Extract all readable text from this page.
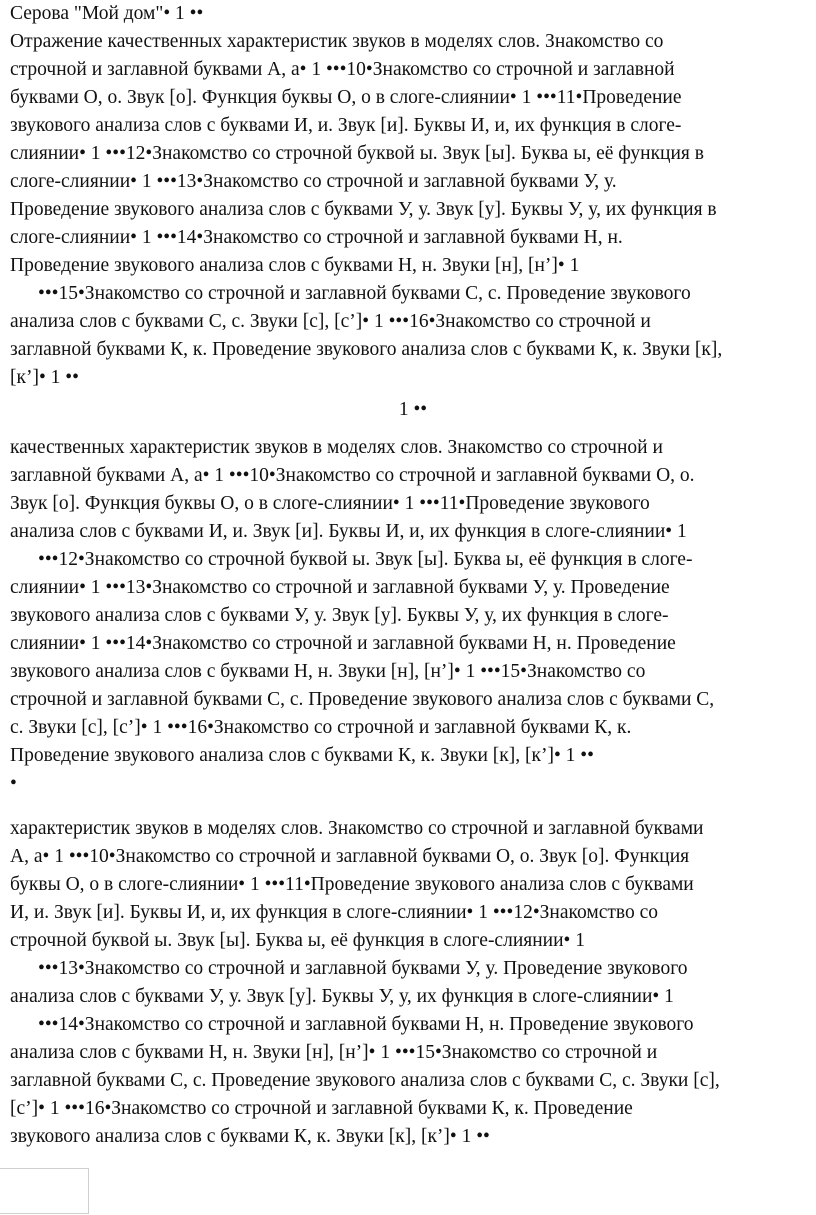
Серова "Мой дом"• 1 ••
Отражение качественных характеристик звуков в моделях слов. Знакомство со
строчной и заглавной буквами А, а• 1 •••10•Знакомство со строчной и заглавной
буквами О, о. Звук [о]. Функция буквы О, о в слоге-слиянии• 1 •••11•Проведение
звукового анализа слов с буквами И, и. Звук [и]. Буквы И, и, их функция в слоге-
слиянии• 1 •••12•Знакомство со строчной буквой ы. Звук [ы]. Буква ы, её функция в
слоге-слиянии• 1 •••13•Знакомство со строчной и заглавной буквами У, у.
Проведение звукового анализа слов с буквами У, у. Звук [у]. Буквы У, у, их функция в
слоге-слиянии• 1 •••14•Знакомство со строчной и заглавной буквами Н, н.
Проведение звукового анализа слов с буквами Н, н. Звуки [н], [н’]• 1
•••15•Знакомство со строчной и заглавной буквами С, с. Проведение звукового
анализа слов с буквами С, с. Звуки [с], [с’]• 1 •••16•Знакомство со строчной и
заглавной буквами К, к. Проведение звукового анализа слов с буквами К, к. Звуки [к],
[к’]• 1 ••
1 ••
качественных характеристик звуков в моделях слов. Знакомство со строчной и
заглавной буквами А, а• 1 •••10•Знакомство со строчной и заглавной буквами О, о.
Звук [о]. Функция буквы О, о в слоге-слиянии• 1 •••11•Проведение звукового
анализа слов с буквами И, и. Звук [и]. Буквы И, и, их функция в слоге-слиянии• 1
•••12•Знакомство со строчной буквой ы. Звук [ы]. Буква ы, её функция в слоге-
слиянии• 1 •••13•Знакомство со строчной и заглавной буквами У, у. Проведение
звукового анализа слов с буквами У, у. Звук [у]. Буквы У, у, их функция в слоге-
слиянии• 1 •••14•Знакомство со строчной и заглавной буквами Н, н. Проведение
звукового анализа слов с буквами Н, н. Звуки [н], [н’]• 1 •••15•Знакомство со
строчной и заглавной буквами С, с. Проведение звукового анализа слов с буквами С,
с. Звуки [с], [с’]• 1 •••16•Знакомство со строчной и заглавной буквами К, к.
Проведение звукового анализа слов с буквами К, к. Звуки [к], [к’]• 1 ••
•
характеристик звуков в моделях слов. Знакомство со строчной и заглавной буквами
А, а• 1 •••10•Знакомство со строчной и заглавной буквами О, о. Звук [о]. Функция
буквы О, о в слоге-слиянии• 1 •••11•Проведение звукового анализа слов с буквами
И, и. Звук [и]. Буквы И, и, их функция в слоге-слиянии• 1 •••12•Знакомство со
строчной буквой ы. Звук [ы]. Буква ы, её функция в слоге-слиянии• 1
•••13•Знакомство со строчной и заглавной буквами У, у. Проведение звукового
анализа слов с буквами У, у. Звук [у]. Буквы У, у, их функция в слоге-слиянии• 1
•••14•Знакомство со строчной и заглавной буквами Н, н. Проведение звукового
анализа слов с буквами Н, н. Звуки [н], [н’]• 1 •••15•Знакомство со строчной и
заглавной буквами С, с. Проведение звукового анализа слов с буквами С, с. Звуки [с],
[с’]• 1 •••16•Знакомство со строчной и заглавной буквами К, к. Проведение
звукового анализа слов с буквами К, к. Звуки [к], [к’]• 1 ••
